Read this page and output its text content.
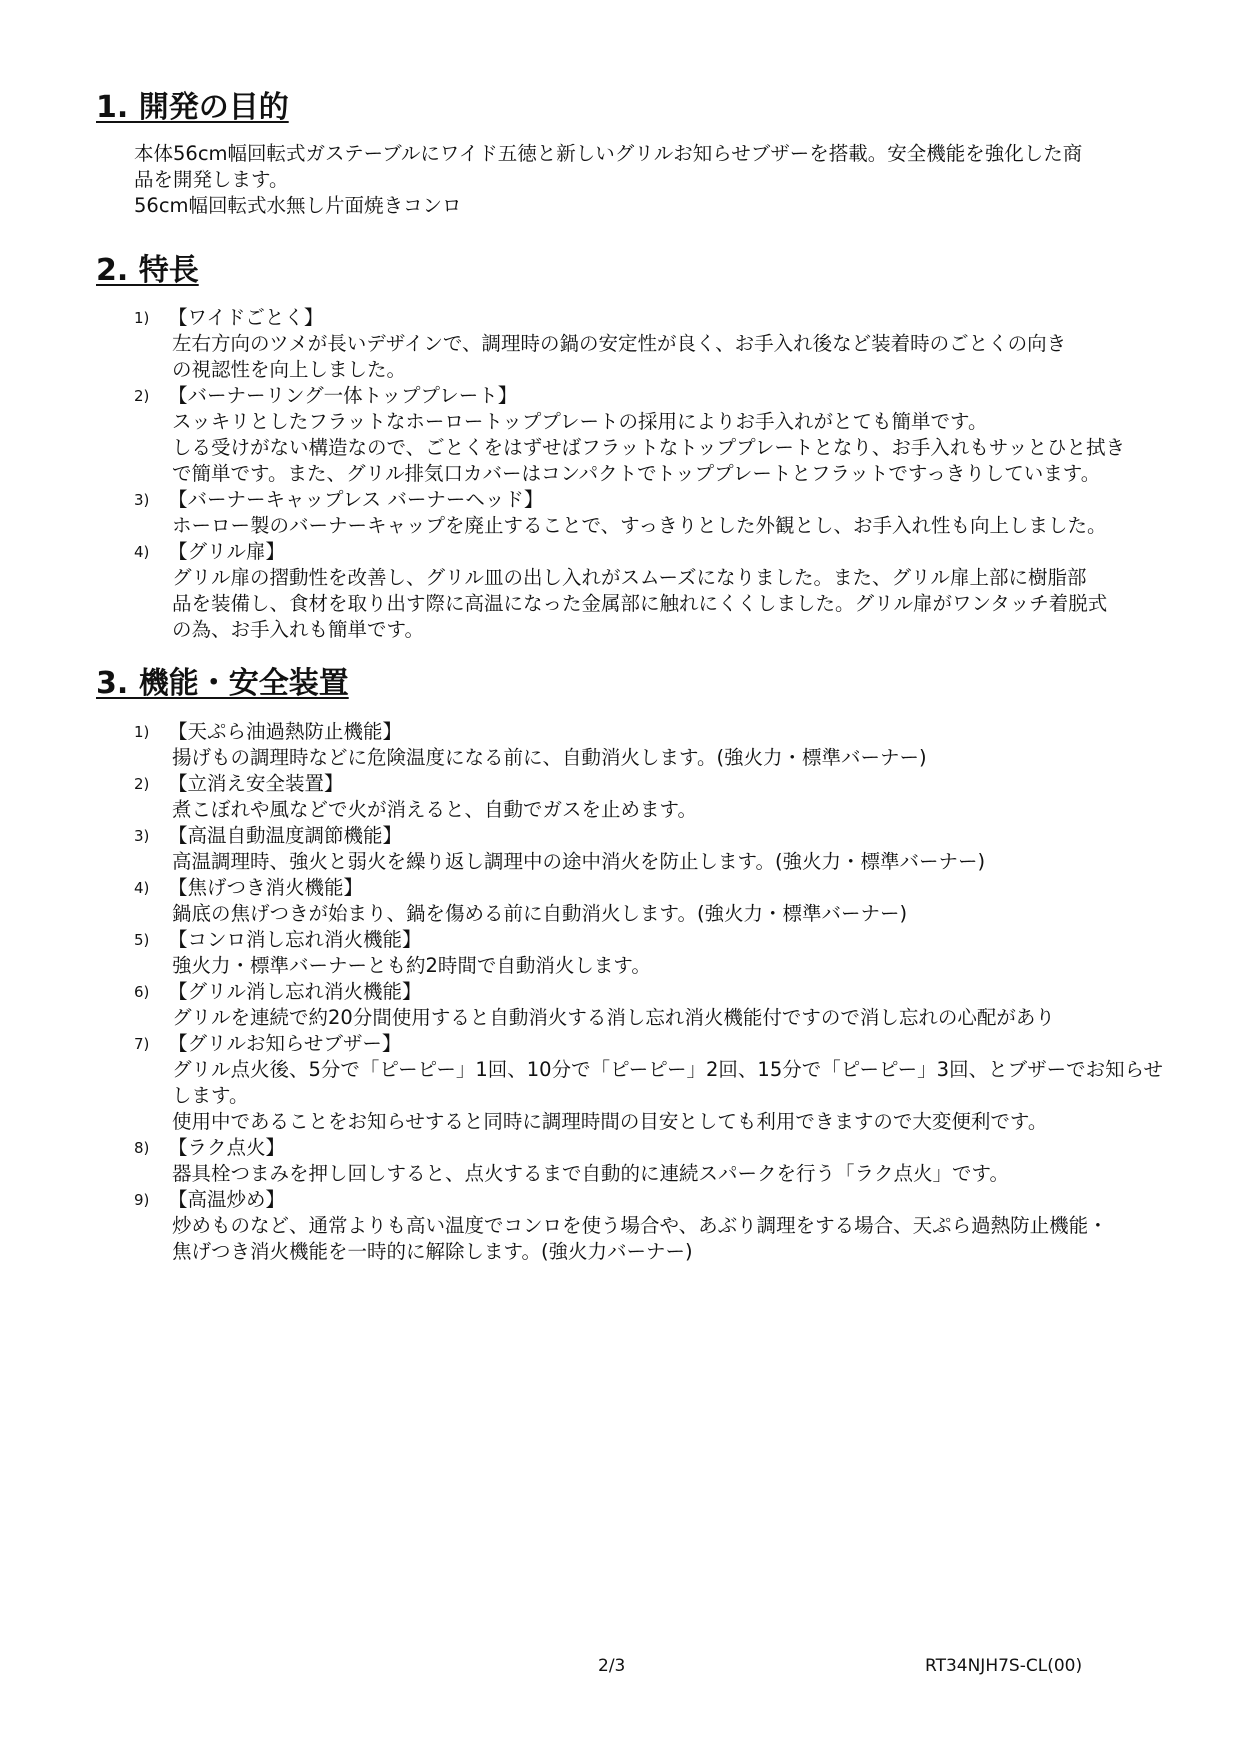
1. 開発の目的

本体56cm幅回転式ガステーブルにワイド五徳と新しいグリルお知らせブザーを搭載。安全機能を強化した商

品を開発します。

56cm幅回転式水無し片面焼きコンロ

2. 特長
1) 【ワイドごとく】

左右方向のツメが長いデザインで、調理時の鍋の安定性が良く、お手入れ後など装着時のごとくの向き

の視認性を向上しました。

2) 【バーナーリング一体トッププレート】

スッキリとしたフラットなホーロートッププレートの採用によりお手入れがとても簡単です。

しる受けがない構造なので、ごとくをはずせばフラットなトッププレートとなり、お手入れもサッとひと拭き

で簡単です。また、グリル排気口カバーはコンパクトでトッププレートとフラットですっきりしています。

3) 【バーナーキャップレス バーナーヘッド】

ホーロー製のバーナーキャップを廃止することで、すっきりとした外観とし、お手入れ性も向上しました。

4) 【グリル扉】

グリル扉の摺動性を改善し、グリル皿の出し入れがスムーズになりました。また、グリル扉上部に樹脂部

品を装備し、食材を取り出す際に高温になった金属部に触れにくくしました。グリル扉がワンタッチ着脱式

の為、お手入れも簡単です。

3. 機能・安全装置
1) 【天ぷら油過熱防止機能】

揚げもの調理時などに危険温度になる前に、自動消火します。(強火力・標準バーナー)

2) 【立消え安全装置】

煮こぼれや風などで火が消えると、自動でガスを止めます。

3) 【高温自動温度調節機能】

高温調理時、強火と弱火を繰り返し調理中の途中消火を防止します。(強火力・標準バーナー)

4) 【焦げつき消火機能】

鍋底の焦げつきが始まり、鍋を傷める前に自動消火します。(強火力・標準バーナー)

5) 【コンロ消し忘れ消火機能】

強火力・標準バーナーとも約2時間で自動消火します。

6) 【グリル消し忘れ消火機能】

グリルを連続で約20分間使用すると自動消火する消し忘れ消火機能付ですので消し忘れの心配があり

7) 【グリルお知らせブザー】

グリル点火後、5分で「ピーピー」1回、10分で「ピーピー」2回、15分で「ピーピー」3回、とブザーでお知らせ

します。

使用中であることをお知らせすると同時に調理時間の目安としても利用できますので大変便利です。

8) 【ラク点火】

器具栓つまみを押し回しすると、点火するまで自動的に連続スパークを行う「ラク点火」です。

9) 【高温炒め】

炒めものなど、通常よりも高い温度でコンロを使う場合や、あぶり調理をする場合、天ぷら過熱防止機能・

焦げつき消火機能を一時的に解除します。(強火力バーナー)

2/3	RT34NJH7S-CL(00)
